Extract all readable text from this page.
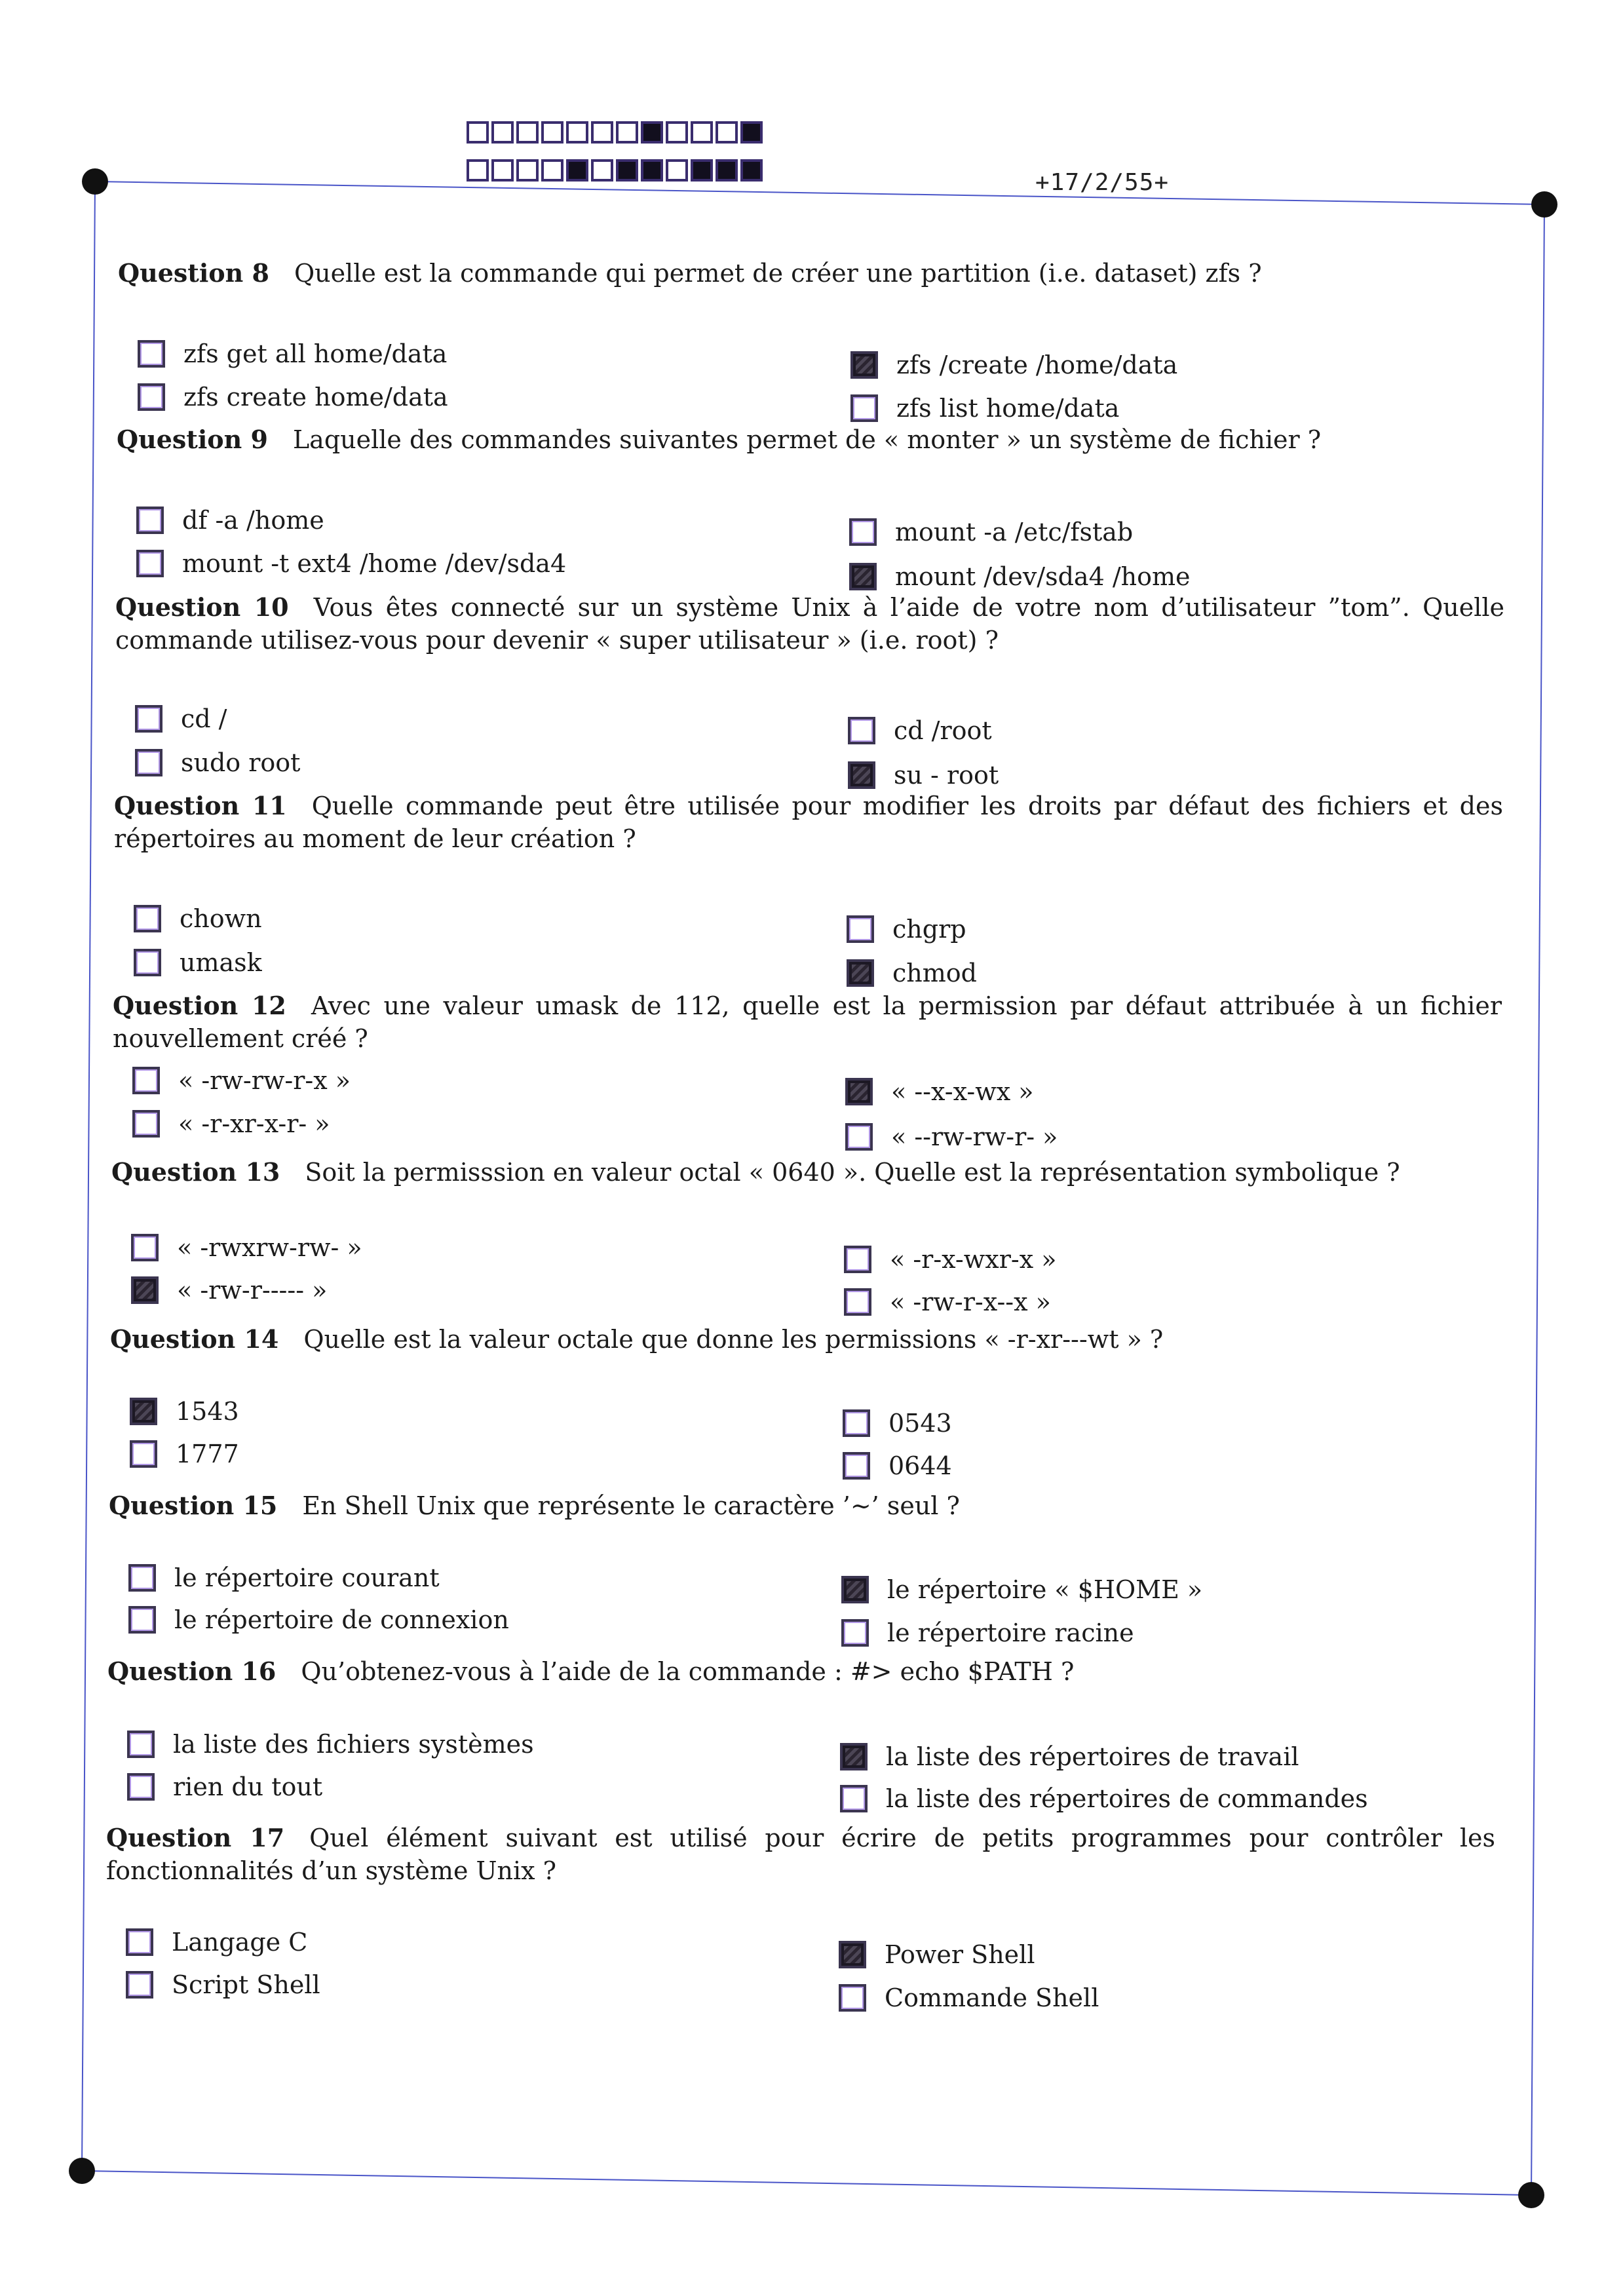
+17/2/55+

Question 8 Quelle est la commande qui permet de créer une partition (i.e. dataset) zfs ?

zfs get all home/data
zfs create home/data
zfs /create /home/data
zfs list home/data

Question 9 Laquelle des commandes suivantes permet de « monter » un système de fichier ?

df -a /home
mount -t ext4 /home /dev/sda4
mount -a /etc/fstab
mount /dev/sda4 /home

Question 10 Vous êtes connecté sur un système Unix à l’aide de votre nom d’utilisateur ”tom”. Quelle commande utilisez-vous pour devenir « super utilisateur » (i.e. root) ?

cd /
sudo root
cd /root
su - root

Question 11 Quelle commande peut être utilisée pour modifier les droits par défaut des fichiers et des répertoires au moment de leur création ?

chown
umask
chgrp
chmod

Question 12 Avec une valeur umask de 112, quelle est la permission par défaut attribuée à un fichier nouvellement créé ?

« -rw-rw-r-x »
« -r-xr-x-r- »
« --x-x-wx »
« --rw-rw-r- »

Question 13 Soit la permisssion en valeur octal « 0640 ». Quelle est la représentation symbolique ?

« -rwxrw-rw- »
« -rw-r----- »
« -r-x-wxr-x »
« -rw-r-x--x »

Question 14 Quelle est la valeur octale que donne les permissions « -r-xr---wt » ?

1543
1777
0543
0644

Question 15 En Shell Unix que représente le caractère ’∼’ seul ?

le répertoire courant
le répertoire de connexion
le répertoire « $HOME »
le répertoire racine

Question 16 Qu’obtenez-vous à l’aide de la commande : #> echo $PATH ?

la liste des fichiers systèmes
rien du tout
la liste des répertoires de travail
la liste des répertoires de commandes

Question 17 Quel élément suivant est utilisé pour écrire de petits programmes pour contrôler les fonctionnalités d’un système Unix ?

Langage C
Script Shell
Power Shell
Commande Shell
